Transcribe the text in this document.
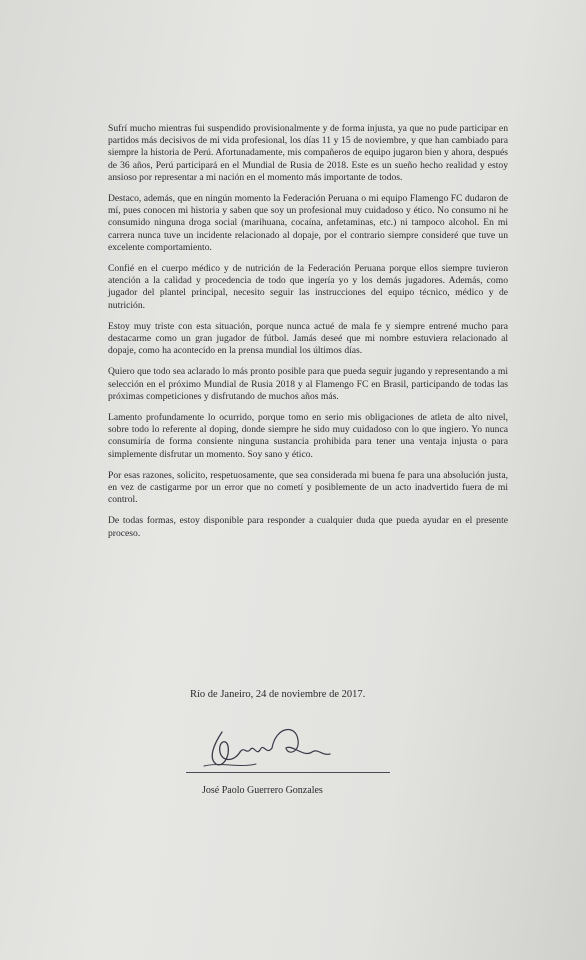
Sufrí mucho mientras fui suspendido provisionalmente y de forma injusta, ya que no pude participar en partidos más decisivos de mi vida profesional, los días 11 y 15 de noviembre, y que han cambiado para siempre la historia de Perú. Afortunadamente, mis compañeros de equipo jugaron bien y ahora, después de 36 años, Perú participará en el Mundial de Rusia de 2018. Este es un sueño hecho realidad y estoy ansioso por representar a mi nación en el momento más importante de todos.

Destaco, además, que en ningún momento la Federación Peruana o mi equipo Flamengo FC dudaron de mí, pues conocen mi historia y saben que soy un profesional muy cuidadoso y ético. No consumo ni he consumido ninguna droga social (marihuana, cocaína, anfetaminas, etc.) ni tampoco alcohol. En mi carrera nunca tuve un incidente relacionado al dopaje, por el contrario siempre consideré que tuve un excelente comportamiento.

Confié en el cuerpo médico y de nutrición de la Federación Peruana porque ellos siempre tuvieron atención a la calidad y procedencia de todo que ingería yo y los demás jugadores. Además, como jugador del plantel principal, necesito seguir las instrucciones del equipo técnico, médico y de nutrición.

Estoy muy triste con esta situación, porque nunca actué de mala fe y siempre entrené mucho para destacarme como un gran jugador de fútbol. Jamás deseé que mi nombre estuviera relacionado al dopaje, como ha acontecido en la prensa mundial los últimos días.

Quiero que todo sea aclarado lo más pronto posible para que pueda seguir jugando y representando a mi selección en el próximo Mundial de Rusia 2018 y al Flamengo FC en Brasil, participando de todas las próximas competiciones y disfrutando de muchos años más.

Lamento profundamente lo ocurrido, porque tomo en serio mis obligaciones de atleta de alto nivel, sobre todo lo referente al doping, donde siempre he sido muy cuidadoso con lo que ingiero. Yo nunca consumiría de forma consiente ninguna sustancia prohibida para tener una ventaja injusta o para simplemente disfrutar un momento. Soy sano y ético.

Por esas razones, solicito, respetuosamente, que sea considerada mi buena fe para una absolución justa, en vez de castigarme por un error que no cometí y posiblemente de un acto inadvertido fuera de mi control.

De todas formas, estoy disponible para responder a cualquier duda que pueda ayudar en el presente proceso.

Río de Janeiro, 24 de noviembre de 2017.
José Paolo Guerrero Gonzales
